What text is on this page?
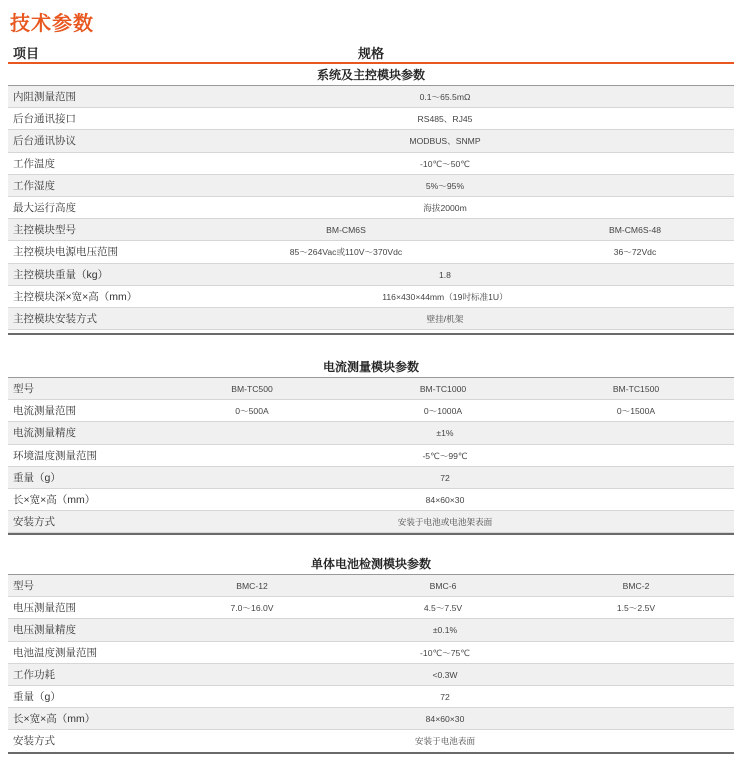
技术参数
项目	规格
系统及主控模块参数
内阻测量范围	0.1～65.5mΩ
后台通讯接口	RS485、RJ45
后台通讯协议	MODBUS、SNMP
工作温度	-10℃～50℃
工作湿度	5%～95%
最大运行高度	海拔2000m
主控模块型号	BM-CM6S	BM-CM6S-48
主控模块电源电压范围	85～264Vac或110V～370Vdc	36～72Vdc
主控模块重量（kg）	1.8
主控模块深×宽×高（mm）	116×430×44mm（19吋标准1U）
主控模块安装方式	壁挂/机架
电流测量模块参数
型号	BM-TC500	BM-TC1000	BM-TC1500
电流测量范围	0～500A	0～1000A	0～1500A
电流测量精度	±1%
环境温度测量范围	-5℃～99℃
重量（g）	72
长×宽×高（mm）	84×60×30
安装方式	安装于电池或电池架表面
单体电池检测模块参数
型号	BMC-12	BMC-6	BMC-2
电压测量范围	7.0～16.0V	4.5～7.5V	1.5～2.5V
电压测量精度	±0.1%
电池温度测量范围	-10℃～75℃
工作功耗	<0.3W
重量（g）	72
长×宽×高（mm）	84×60×30
安装方式	安装于电池表面
